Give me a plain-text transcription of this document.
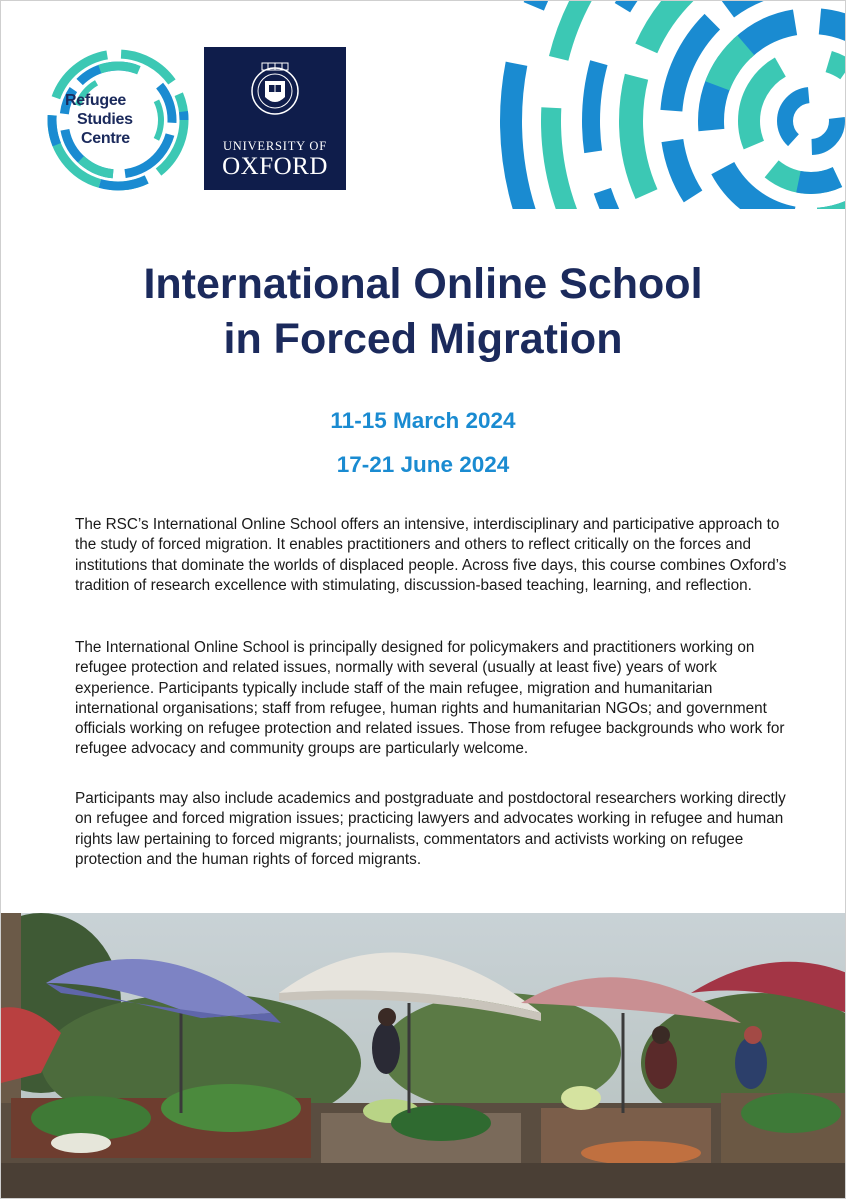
Refugee
Studies
Centre	UNIVERSITY OF
OXFORD
International Online School
in Forced Migration
11-15 March 2024
17-21 June 2024

The RSC’s International Online School offers an intensive, interdisciplinary and participative approach to the study of forced migration. It enables practitioners and others to reflect critically on the forces and institutions that dominate the worlds of displaced people. Across five days, this course combines Oxford’s tradition of research excellence with stimulating, discussion-based teaching, learning, and reflection.

The International Online School is principally designed for policymakers and practitioners working on refugee protection and related issues, normally with several (usually at least five) years of work experience. Participants typically include staff of the main refugee, migration and humanitarian international organisations; staff from refugee, human rights and humanitarian NGOs; and government officials working on refugee protection and related issues. Those from refugee backgrounds who work for refugee advocacy and community groups are particularly welcome.

Participants may also include academics and postgraduate and postdoctoral researchers working directly on refugee and forced migration issues; practicing lawyers and advocates working in refugee and human rights law pertaining to forced migrants; journalists, commentators and activists working on refugee protection and the human rights of forced migrants.
